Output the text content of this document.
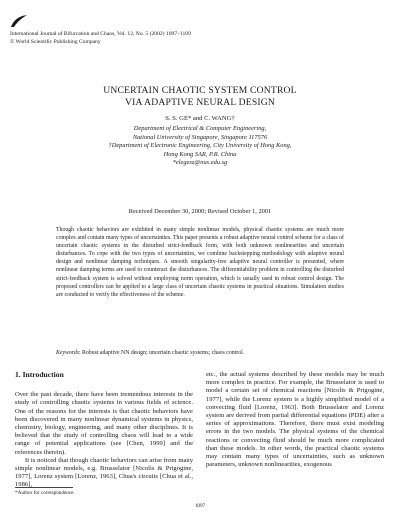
International Journal of Bifurcation and Chaos, Vol. 12, No. 5 (2002) 1097–1109
© World Scientific Publishing Company
UNCERTAIN CHAOTIC SYSTEM CONTROL
VIA ADAPTIVE NEURAL DESIGN
S. S. GE* and C. WANG†
Department of Electrical & Computer Engineering,
National University of Singapore, Singapore 117576
†Department of Electronic Engineering, City University of Hong Kong,
Hong Kong SAR, P.R. China
*elegesz@nus.edu.sg
Received December 30, 2000; Revised October 1, 2001
Though chaotic behaviors are exhibited in many simple nonlinear models, physical chaotic systems are much more complex and contain many types of uncertainties. This paper presents a robust adaptive neural control scheme for a class of uncertain chaotic systems in the disturbed strict-feedback form, with both unknown nonlinearities and uncertain disturbances. To cope with the two types of uncertainties, we combine backstepping methodology with adaptive neural design and nonlinear damping techniques. A smooth singularity-free adaptive neural controller is presented, where nonlinear damping terms are used to counteract the disturbances. The differentiability problem in controlling the disturbed strict-feedback system is solved without employing norm operation, which is usually used in robust control design. The proposed controllers can be applied to a large class of uncertain chaotic systems in practical situations. Simulation studies are conducted to verify the effectiveness of the scheme.
Keywords: Robust adaptive NN design; uncertain chaotic systems; chaos control.
1. Introduction

Over the past decade, there have been tremendous interests in the study of controlling chaotic systems in various fields of science. One of the reasons for the interests is that chaotic behaviors have been discovered in many nonlinear dynamical systems in physics, chemistry, biology, engineering, and many other disciplines. It is believed that the study of controlling chaos will lead to a wide range of potential applications (see [Chen, 1999] and the references therein).

It is noticed that though chaotic behaviors can arise from many simple nonlinear models, e.g. Brusselator [Nicolis & Prigogine, 1977], Lorenz system [Lorenz, 1963], Chua's circuits [Chua et al., 1986],

etc., the actual systems described by these models may be much more complex in practice. For example, the Brusselator is used to model a certain set of chemical reactions [Nicolis & Prigogine, 1977], while the Lorenz system is a highly simplified model of a convecting fluid [Lorenz, 1963]. Both Brusselator and Lorenz system are derived from partial differential equations (PDE) after a series of approximations. Therefore, there must exist modeling errors in the two models. The physical systems of the chemical reactions or convecting fluid should be much more complicated than these models. In other words, the practical chaotic systems may contain many types of uncertainties, such as unknown parameters, unknown nonlinearities, exogenous

*Author for correspondence.
1097
